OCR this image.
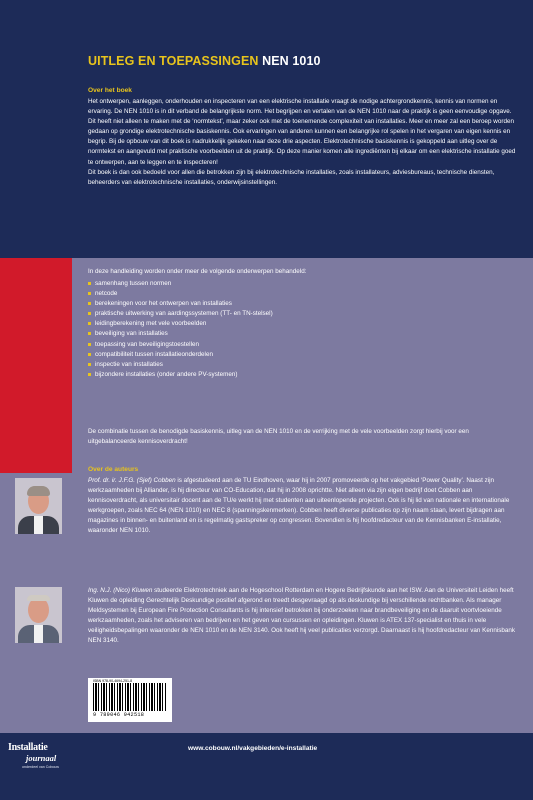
UITLEG EN TOEPASSINGEN NEN 1010
Over het boek

Het ontwerpen, aanleggen, onderhouden en inspecteren van een elektrische installatie vraagt de nodige achtergrondkennis, kennis van normen en ervaring. De NEN 1010 is in dit verband de belangrijkste norm. Het begrijpen en vertalen van de NEN 1010 naar de praktijk is geen eenvoudige opgave. Dit heeft niet alleen te maken met de ‘normtekst’, maar zeker ook met de toenemende complexiteit van installaties. Meer en meer zal een beroep worden gedaan op grondige elektrotechnische basiskennis. Ook ervaringen van anderen kunnen een belangrijke rol spelen in het vergaren van eigen kennis en begrip. Bij de opbouw van dit boek is nadrukkelijk gekeken naar deze drie aspecten. Elektrotechnische basiskennis is gekoppeld aan uitleg over de normtekst en aangevuld met praktische voorbeelden uit de praktijk. Op deze manier komen alle ingrediënten bij elkaar om een elektrische installatie goed te ontwerpen, aan te leggen en te inspecteren!

Dit boek is dan ook bedoeld voor allen die betrokken zijn bij elektrotechnische installaties, zoals installateurs, adviesbureaus, technische diensten, beheerders van elektrotechnische installaties, onderwijsinstellingen.

In deze handleiding worden onder meer de volgende onderwerpen behandeld:
samenhang tussen normen
netcode
berekeningen voor het ontwerpen van installaties
praktische uitwerking van aardingssystemen (TT- en TN-stelsel)
leidingberekening met vele voorbeelden
beveiliging van installaties
toepassing van beveiligingstoestellen
compatibiliteit tussen installatieonderdelen
inspectie van installaties
bijzondere installaties (onder andere PV-systemen)
De combinatie tussen de benodigde basiskennis, uitleg van de NEN 1010 en de verrijking met de vele voorbeelden zorgt hierbij voor een uitgebalanceerde kennisoverdracht!
Over de auteurs

Prof. dr. ir. J.F.G. (Sjef) Cobben is afgestudeerd aan de TU Eindhoven, waar hij in 2007 promoveerde op het vakgebied ‘Power Quality’. Naast zijn werkzaamheden bij Alliander, is hij directeur van CO-Education, dat hij in 2008 oprichtte. Niet alleen via zijn eigen bedrijf doet Cobben aan kennisoverdracht, als universitair docent aan de TU/e werkt hij met studenten aan uiteenlopende projecten. Ook is hij lid van nationale en internationale werkgroepen, zoals NEC 64 (NEN 1010) en NEC 8 (spanningskenmerken). Cobben heeft diverse publicaties op zijn naam staan, levert bijdragen aan magazines in binnen- en buitenland en is regelmatig gastspreker op congressen. Bovendien is hij hoofdredacteur van de Kennisbanken E-installatie, waaronder NEN 1010.

Ing. N.J. (Nico) Kluwen studeerde Elektrotechniek aan de Hogeschool Rotterdam en Hogere Bedrijfskunde aan het ISW. Aan de Universiteit Leiden heeft Kluwen de opleiding Gerechtelijk Deskundige positief afgerond en treedt desgevraagd op als deskundige bij verschillende rechtbanken. Als manager Meldsystemen bij European Fire Protection Consultants is hij intensief betrokken bij onderzoeken naar brandbeveiliging en de daaruit voortvloeiende werkzaamheden, zoals het adviseren van bedrijven en het geven van cursussen en opleidingen. Kluwen is ATEX 137-specialist en thuis in vele veiligheidsbepalingen waaronder de NEN 1010 en de NEN 3140. Ook heeft hij veel publicaties verzorgd. Daarnaast is hij hoofdredacteur van Kennisbank NEN 3140.

ISBN 978-90-4694-251-8
9 789046 942518
Installatie
journaal
onderdeel van Cobouw
www.cobouw.nl/vakgebieden/e-installatie
